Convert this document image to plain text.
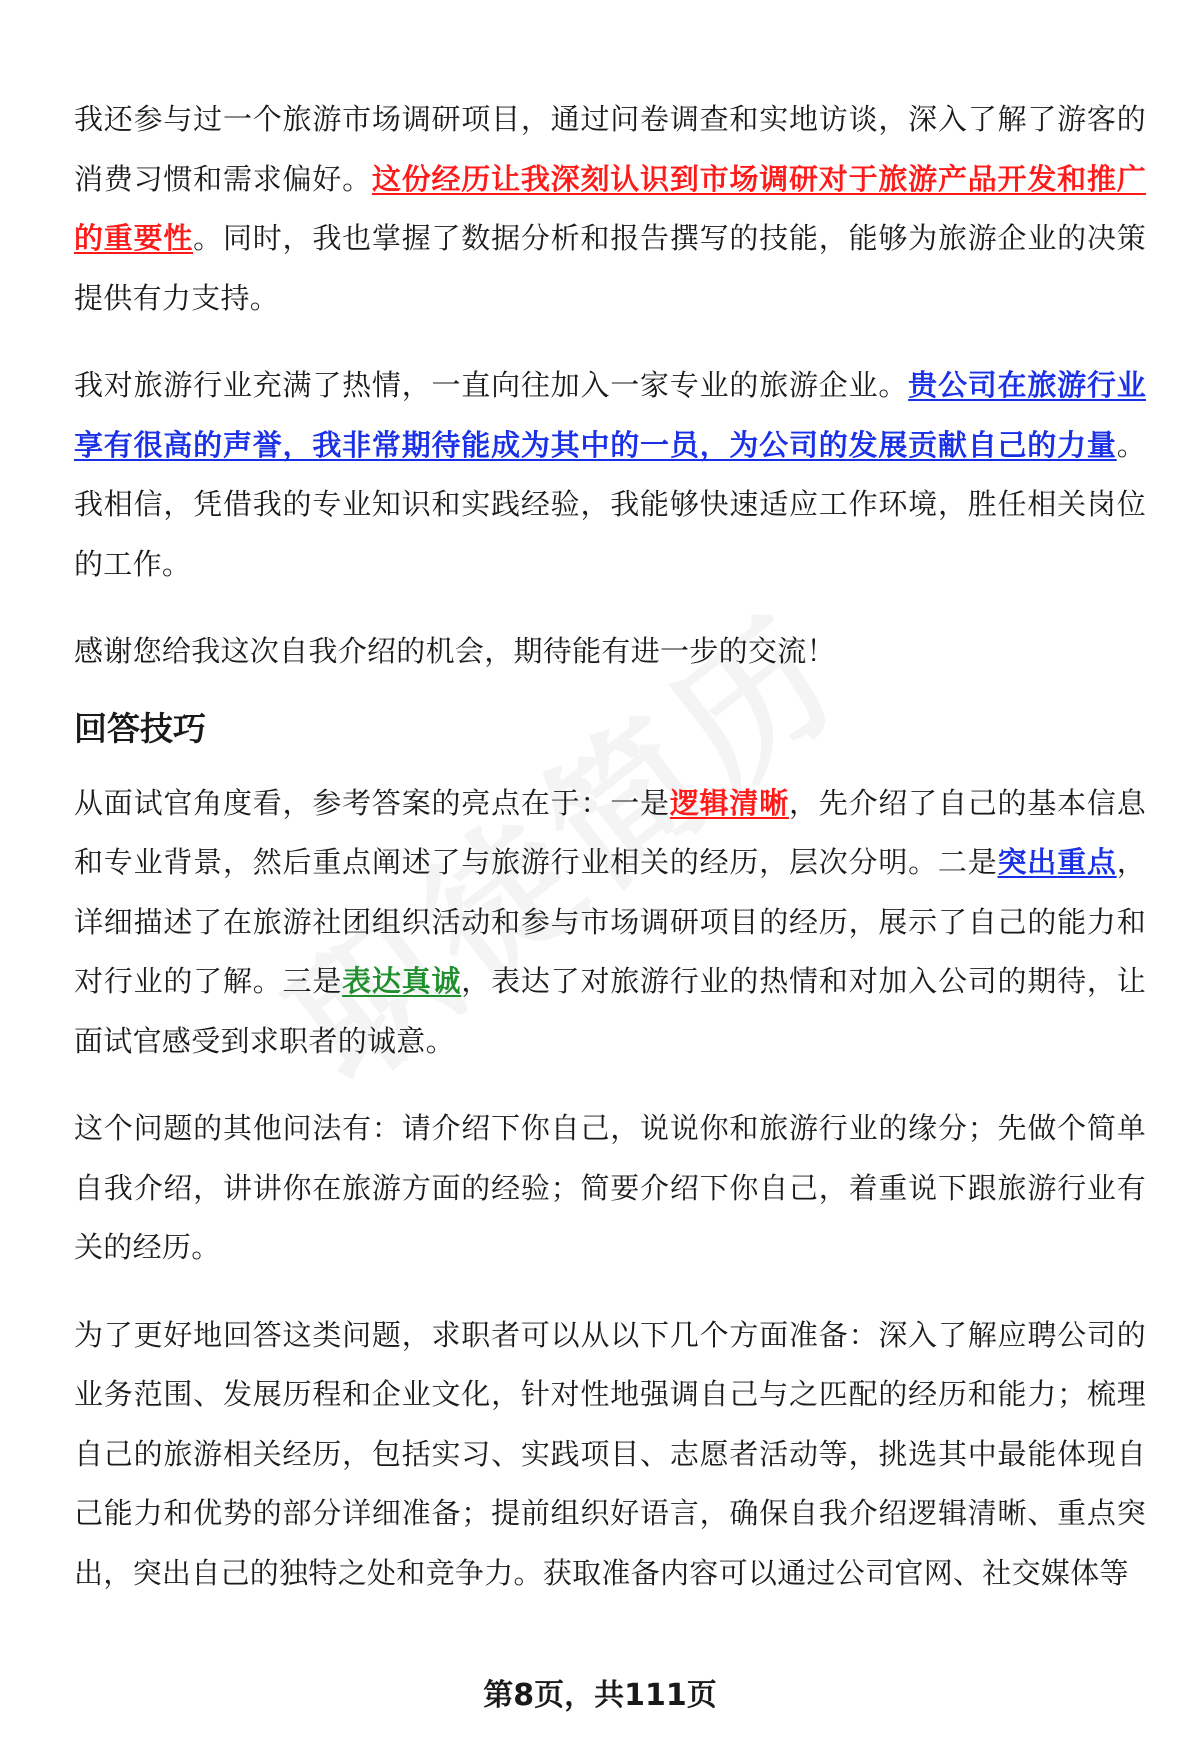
我还参与过一个旅游市场调研项目，通过问卷调查和实地访谈，深入了解了游客的消费习惯和需求偏好。这份经历让我深刻认识到市场调研对于旅游产品开发和推广的重要性。同时，我也掌握了数据分析和报告撰写的技能，能够为旅游企业的决策提供有力支持。

我对旅游行业充满了热情，一直向往加入一家专业的旅游企业。贵公司在旅游行业享有很高的声誉，我非常期待能成为其中的一员，为公司的发展贡献自己的力量。我相信，凭借我的专业知识和实践经验，我能够快速适应工作环境，胜任相关岗位的工作。

感谢您给我这次自我介绍的机会，期待能有进一步的交流！

回答技巧

从面试官角度看，参考答案的亮点在于：一是逻辑清晰，先介绍了自己的基本信息和专业背景，然后重点阐述了与旅游行业相关的经历，层次分明。二是突出重点，详细描述了在旅游社团组织活动和参与市场调研项目的经历，展示了自己的能力和对行业的了解。三是表达真诚，表达了对旅游行业的热情和对加入公司的期待，让面试官感受到求职者的诚意。

这个问题的其他问法有：请介绍下你自己，说说你和旅游行业的缘分；先做个简单自我介绍，讲讲你在旅游方面的经验；简要介绍下你自己，着重说下跟旅游行业有关的经历。

为了更好地回答这类问题，求职者可以从以下几个方面准备：深入了解应聘公司的业务范围、发展历程和企业文化，针对性地强调自己与之匹配的经历和能力；梳理自己的旅游相关经历，包括实习、实践项目、志愿者活动等，挑选其中最能体现自己能力和优势的部分详细准备；提前组织好语言，确保自我介绍逻辑清晰、重点突出，突出自己的独特之处和竞争力。获取准备内容可以通过公司官网、社交媒体等

第8页，共111页
